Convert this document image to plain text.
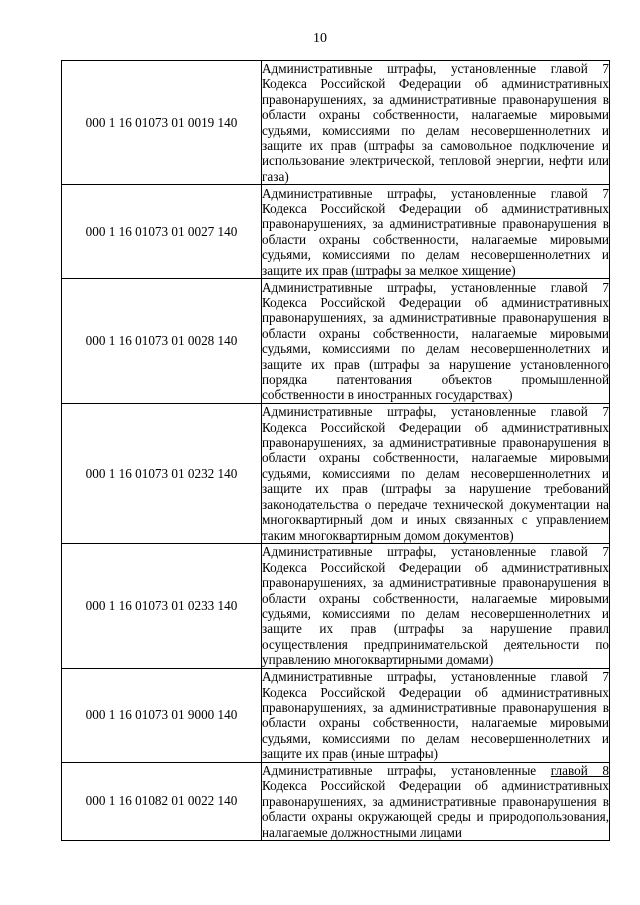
10
000 1 16 01073 01 0019 140	Административные штрафы, установленные главой 7 Кодекса Российской Федерации об административных правонарушениях, за административные правонарушения в области охраны собственности, налагаемые мировыми судьями, комиссиями по делам несовершеннолетних и защите их прав (штрафы за самовольное подключение и использование электрической, тепловой энергии, нефти или газа)
000 1 16 01073 01 0027 140	Административные штрафы, установленные главой 7 Кодекса Российской Федерации об административных правонарушениях, за административные правонарушения в области охраны собственности, налагаемые мировыми судьями, комиссиями по делам несовершеннолетних и защите их прав (штрафы за мелкое хищение)
000 1 16 01073 01 0028 140	Административные штрафы, установленные главой 7 Кодекса Российской Федерации об административных правонарушениях, за административные правонарушения в области охраны собственности, налагаемые мировыми судьями, комиссиями по делам несовершеннолетних и защите их прав (штрафы за нарушение установленного порядка патентования объектов промышленной собственности в иностранных государствах)
000 1 16 01073 01 0232 140	Административные штрафы, установленные главой 7 Кодекса Российской Федерации об административных правонарушениях, за административные правонарушения в области охраны собственности, налагаемые мировыми судьями, комиссиями по делам несовершеннолетних и защите их прав (штрафы за нарушение требований законодательства о передаче технической документации на многоквартирный дом и иных связанных с управлением таким многоквартирным домом документов)
000 1 16 01073 01 0233 140	Административные штрафы, установленные главой 7 Кодекса Российской Федерации об административных правонарушениях, за административные правонарушения в области охраны собственности, налагаемые мировыми судьями, комиссиями по делам несовершеннолетних и защите их прав (штрафы за нарушение правил осуществления предпринимательской деятельности по управлению многоквартирными домами)
000 1 16 01073 01 9000 140	Административные штрафы, установленные главой 7 Кодекса Российской Федерации об административных правонарушениях, за административные правонарушения в области охраны собственности, налагаемые мировыми судьями, комиссиями по делам несовершеннолетних и защите их прав (иные штрафы)
000 1 16 01082 01 0022 140	Административные штрафы, установленные главой 8 Кодекса Российской Федерации об административных правонарушениях, за административные правонарушения в области охраны окружающей среды и природопользования, налагаемые должностными лицами
